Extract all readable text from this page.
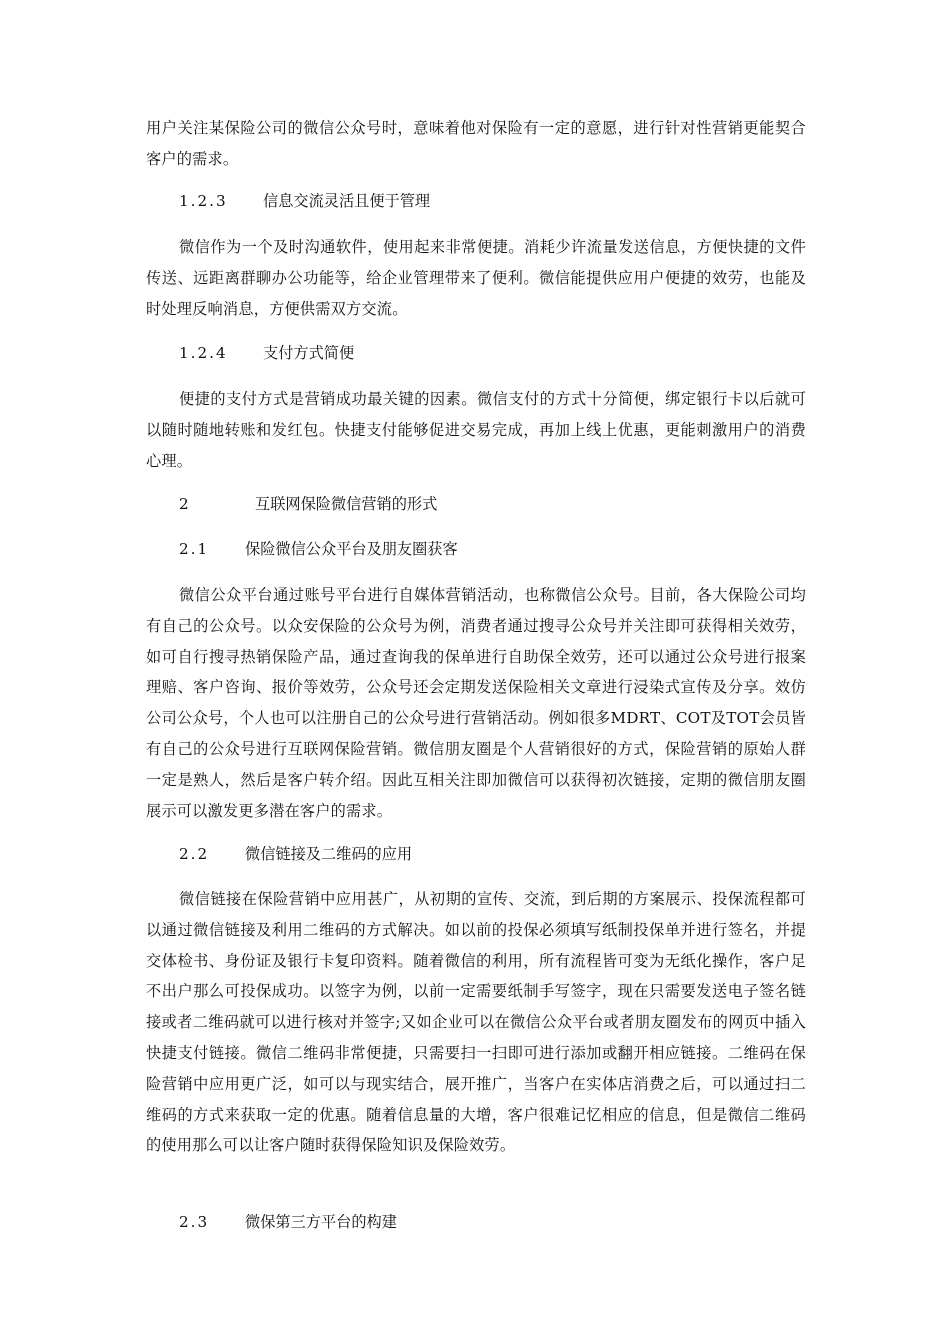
用户关注某保险公司的微信公众号时，意味着他对保险有一定的意愿，进行针对性营销更能契合客户的需求。

1.2.3 信息交流灵活且便于管理

微信作为一个及时沟通软件，使用起来非常便捷。消耗少许流量发送信息，方便快捷的文件传送、远距离群聊办公功能等，给企业管理带来了便利。微信能提供应用户便捷的效劳，也能及时处理反响消息，方便供需双方交流。

1.2.4 支付方式简便

便捷的支付方式是营销成功最关键的因素。微信支付的方式十分简便，绑定银行卡以后就可以随时随地转账和发红包。快捷支付能够促进交易完成，再加上线上优惠，更能刺激用户的消费心理。

2	互联网保险微信营销的形式
2.1 保险微信公众平台及朋友圈获客

微信公众平台通过账号平台进行自媒体营销活动，也称微信公众号。目前，各大保险公司均有自己的公众号。以众安保险的公众号为例，消费者通过搜寻公众号并关注即可获得相关效劳，如可自行搜寻热销保险产品，通过查询我的保单进行自助保全效劳，还可以通过公众号进行报案理赔、客户咨询、报价等效劳，公众号还会定期发送保险相关文章进行浸染式宣传及分享。效仿公司公众号，个人也可以注册自己的公众号进行营销活动。例如很多MDRT、COT及TOT会员皆有自己的公众号进行互联网保险营销。微信朋友圈是个人营销很好的方式，保险营销的原始人群一定是熟人，然后是客户转介绍。因此互相关注即加微信可以获得初次链接，定期的微信朋友圈展示可以激发更多潜在客户的需求。

2.2 微信链接及二维码的应用

微信链接在保险营销中应用甚广，从初期的宣传、交流，到后期的方案展示、投保流程都可以通过微信链接及利用二维码的方式解决。如以前的投保必须填写纸制投保单并进行签名，并提交体检书、身份证及银行卡复印资料。随着微信的利用，所有流程皆可变为无纸化操作，客户足不出户那么可投保成功。以签字为例，以前一定需要纸制手写签字，现在只需要发送电子签名链接或者二维码就可以进行核对并签字;又如企业可以在微信公众平台或者朋友圈发布的网页中插入快捷支付链接。微信二维码非常便捷，只需要扫一扫即可进行添加或翻开相应链接。二维码在保险营销中应用更广泛，如可以与现实结合，展开推广，当客户在实体店消费之后，可以通过扫二维码的方式来获取一定的优惠。随着信息量的大增，客户很难记忆相应的信息，但是微信二维码的使用那么可以让客户随时获得保险知识及保险效劳。

2.3 微保第三方平台的构建
